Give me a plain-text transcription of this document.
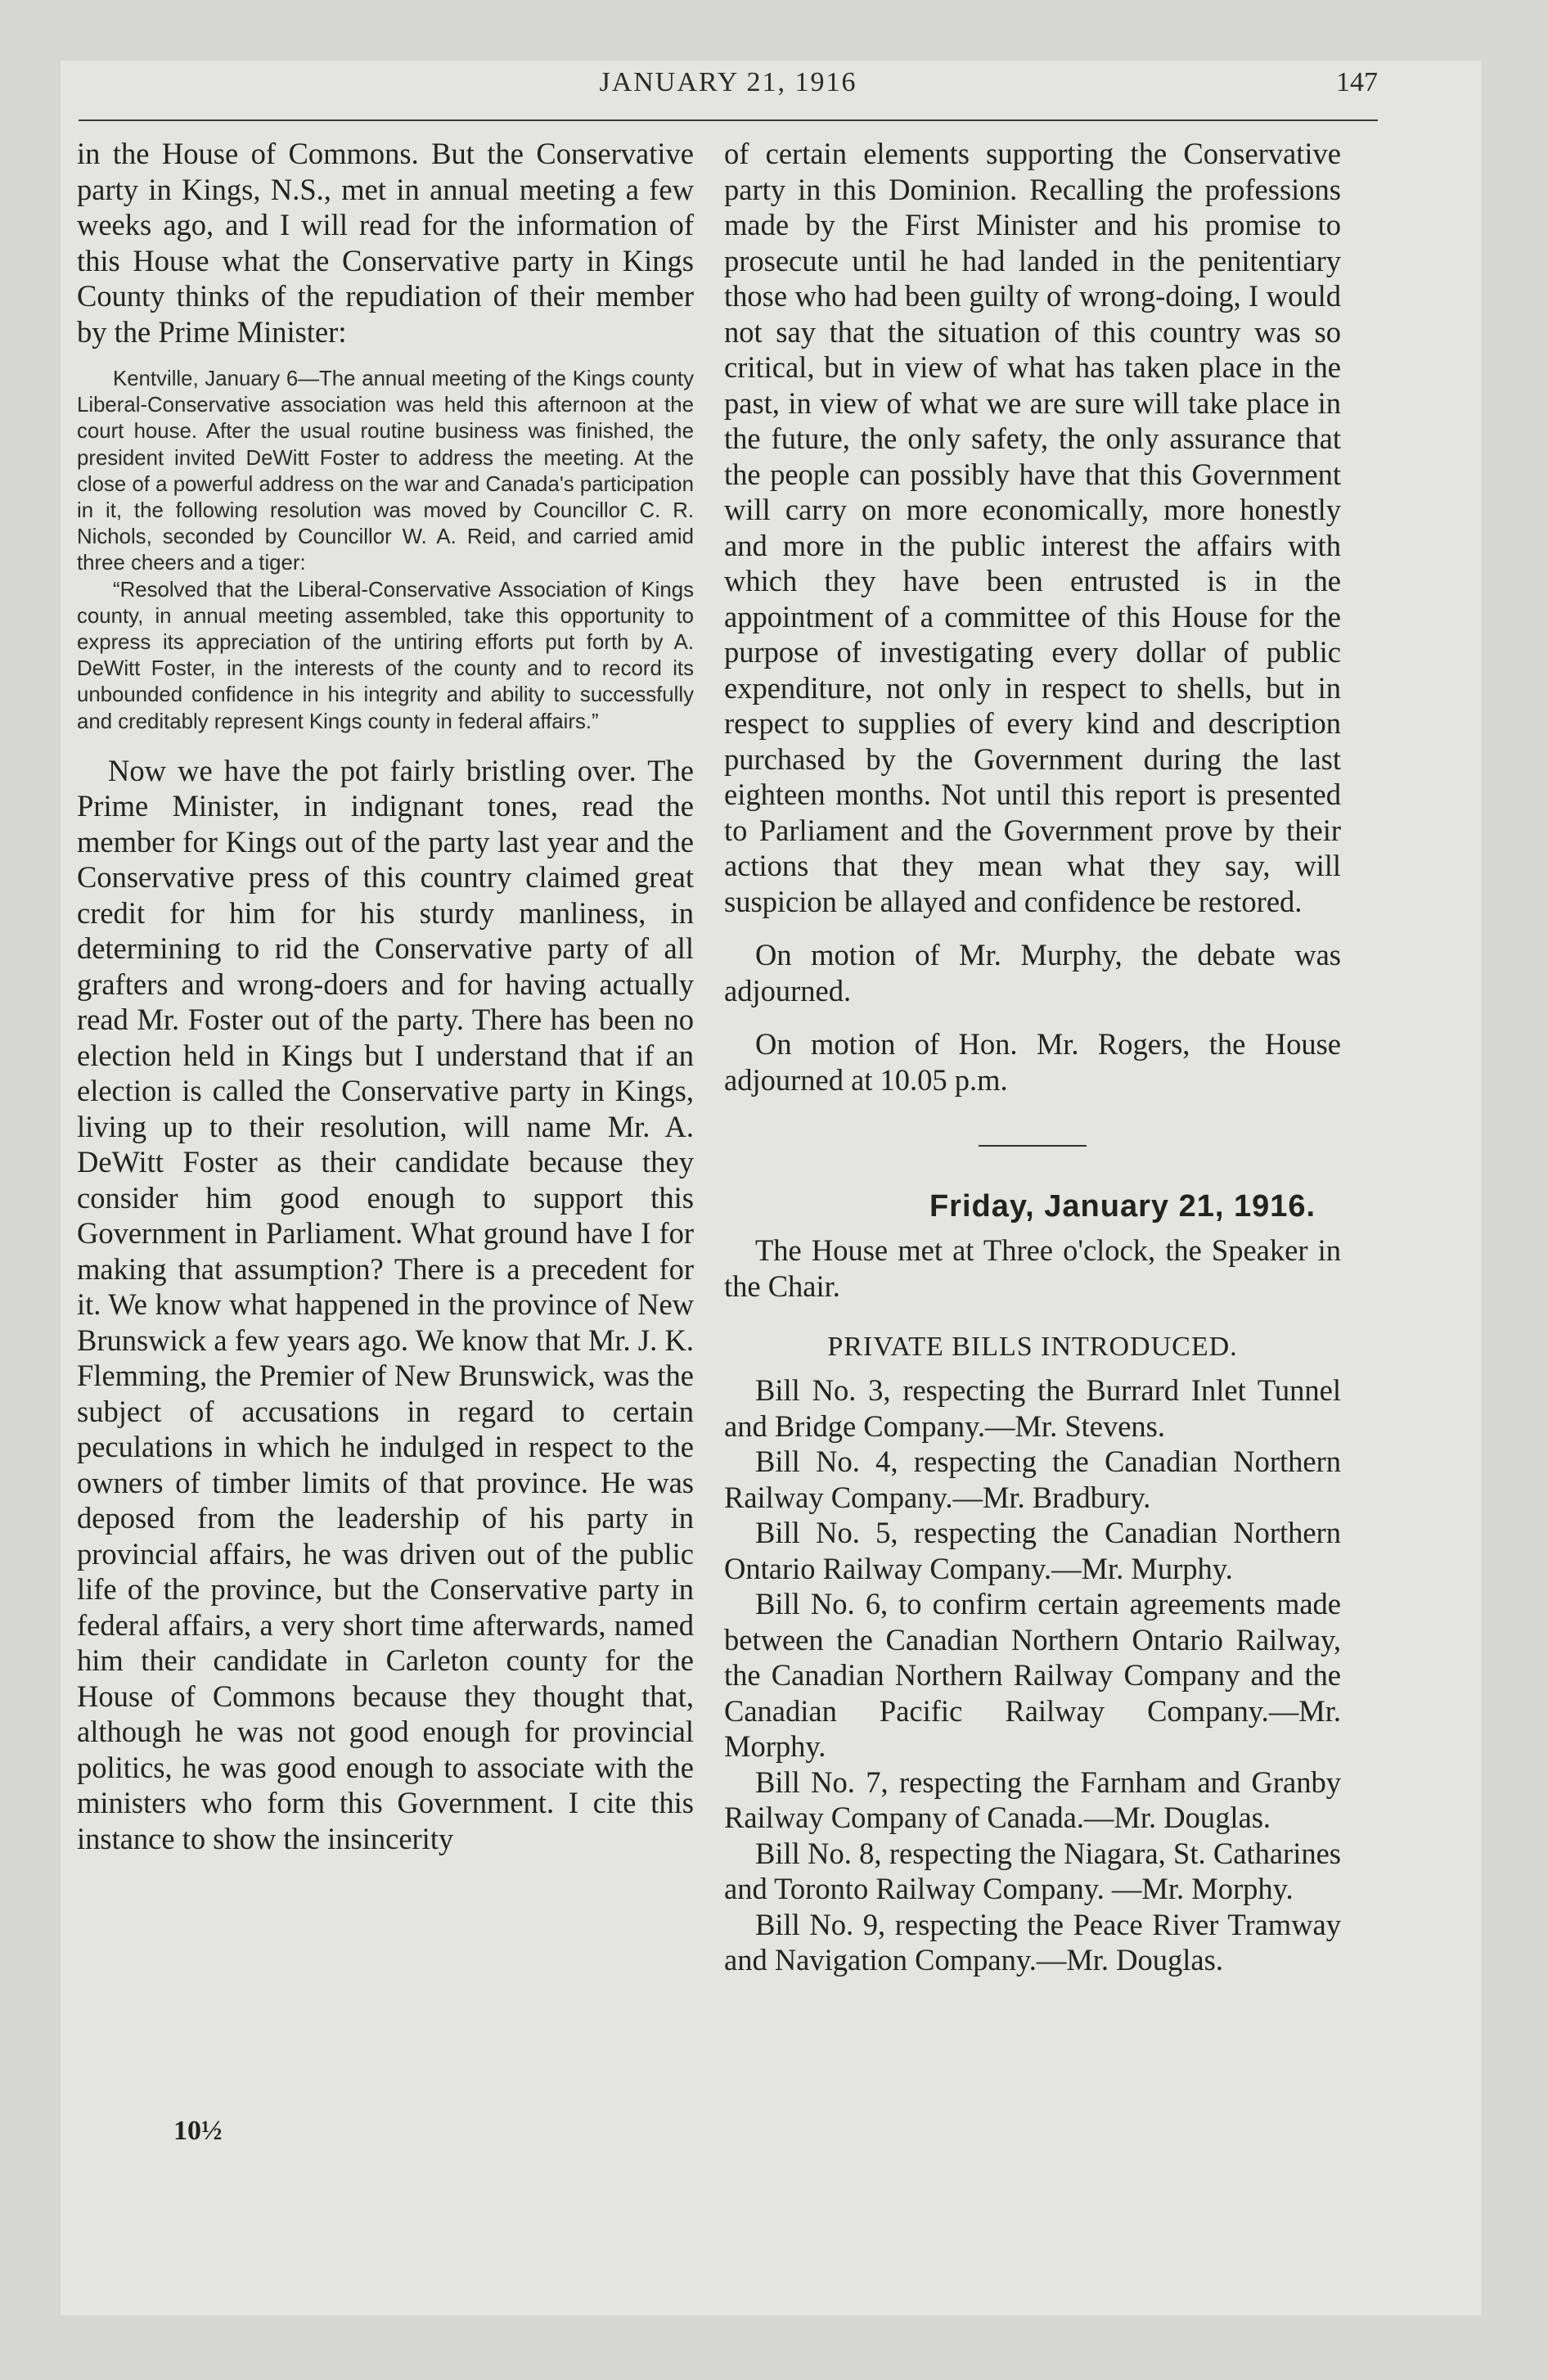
JANUARY 21, 1916	147

in the House of Commons. But the Conservative party in Kings, N.S., met in annual meeting a few weeks ago, and I will read for the information of this House what the Conservative party in Kings County thinks of the repudiation of their member by the Prime Minister:

Kentville, January 6—The annual meeting of the Kings county Liberal-Conservative association was held this afternoon at the court house. After the usual routine business was finished, the president invited DeWitt Foster to address the meeting. At the close of a powerful address on the war and Canada's participation in it, the following resolution was moved by Councillor C. R. Nichols, seconded by Councillor W. A. Reid, and carried amid three cheers and a tiger:

“Resolved that the Liberal-Conservative Association of Kings county, in annual meeting assembled, take this opportunity to express its appreciation of the untiring efforts put forth by A. DeWitt Foster, in the interests of the county and to record its unbounded confidence in his integrity and ability to successfully and creditably represent Kings county in federal affairs.”

Now we have the pot fairly bristling over. The Prime Minister, in indignant tones, read the member for Kings out of the party last year and the Conservative press of this country claimed great credit for him for his sturdy manliness, in determining to rid the Conservative party of all grafters and wrong-doers and for having actually read Mr. Foster out of the party. There has been no election held in Kings but I understand that if an election is called the Conservative party in Kings, living up to their resolution, will name Mr. A. DeWitt Foster as their candidate because they consider him good enough to support this Government in Parliament. What ground have I for making that assumption? There is a precedent for it. We know what happened in the province of New Brunswick a few years ago. We know that Mr. J. K. Flemming, the Premier of New Brunswick, was the subject of accusations in regard to certain peculations in which he indulged in respect to the owners of timber limits of that province. He was deposed from the leadership of his party in provincial affairs, he was driven out of the public life of the province, but the Conservative party in federal affairs, a very short time afterwards, named him their candidate in Carleton county for the House of Commons because they thought that, although he was not good enough for provincial politics, he was good enough to associate with the ministers who form this Government. I cite this instance to show the insincerity

of certain elements supporting the Conservative party in this Dominion. Recalling the professions made by the First Minister and his promise to prosecute until he had landed in the penitentiary those who had been guilty of wrong-doing, I would not say that the situation of this country was so critical, but in view of what has taken place in the past, in view of what we are sure will take place in the future, the only safety, the only assurance that the people can possibly have that this Government will carry on more economically, more honestly and more in the public interest the affairs with which they have been entrusted is in the appointment of a committee of this House for the purpose of investigating every dollar of public expenditure, not only in respect to shells, but in respect to supplies of every kind and description purchased by the Government during the last eighteen months. Not until this report is presented to Parliament and the Government prove by their actions that they mean what they say, will suspicion be allayed and confidence be restored.

On motion of Mr. Murphy, the debate was adjourned.

On motion of Hon. Mr. Rogers, the House adjourned at 10.05 p.m.

Friday, January 21, 1916.

The House met at Three o'clock, the Speaker in the Chair.

PRIVATE BILLS INTRODUCED.

Bill No. 3, respecting the Burrard Inlet Tunnel and Bridge Company.—Mr. Stevens.

Bill No. 4, respecting the Canadian Northern Railway Company.—Mr. Bradbury.

Bill No. 5, respecting the Canadian Northern Ontario Railway Company.—Mr. Murphy.

Bill No. 6, to confirm certain agreements made between the Canadian Northern Ontario Railway, the Canadian Northern Railway Company and the Canadian Pacific Railway Company.—Mr. Morphy.

Bill No. 7, respecting the Farnham and Granby Railway Company of Canada.—Mr. Douglas.

Bill No. 8, respecting the Niagara, St. Catharines and Toronto Railway Company. —Mr. Morphy.

Bill No. 9, respecting the Peace River Tramway and Navigation Company.—Mr. Douglas.

10½
